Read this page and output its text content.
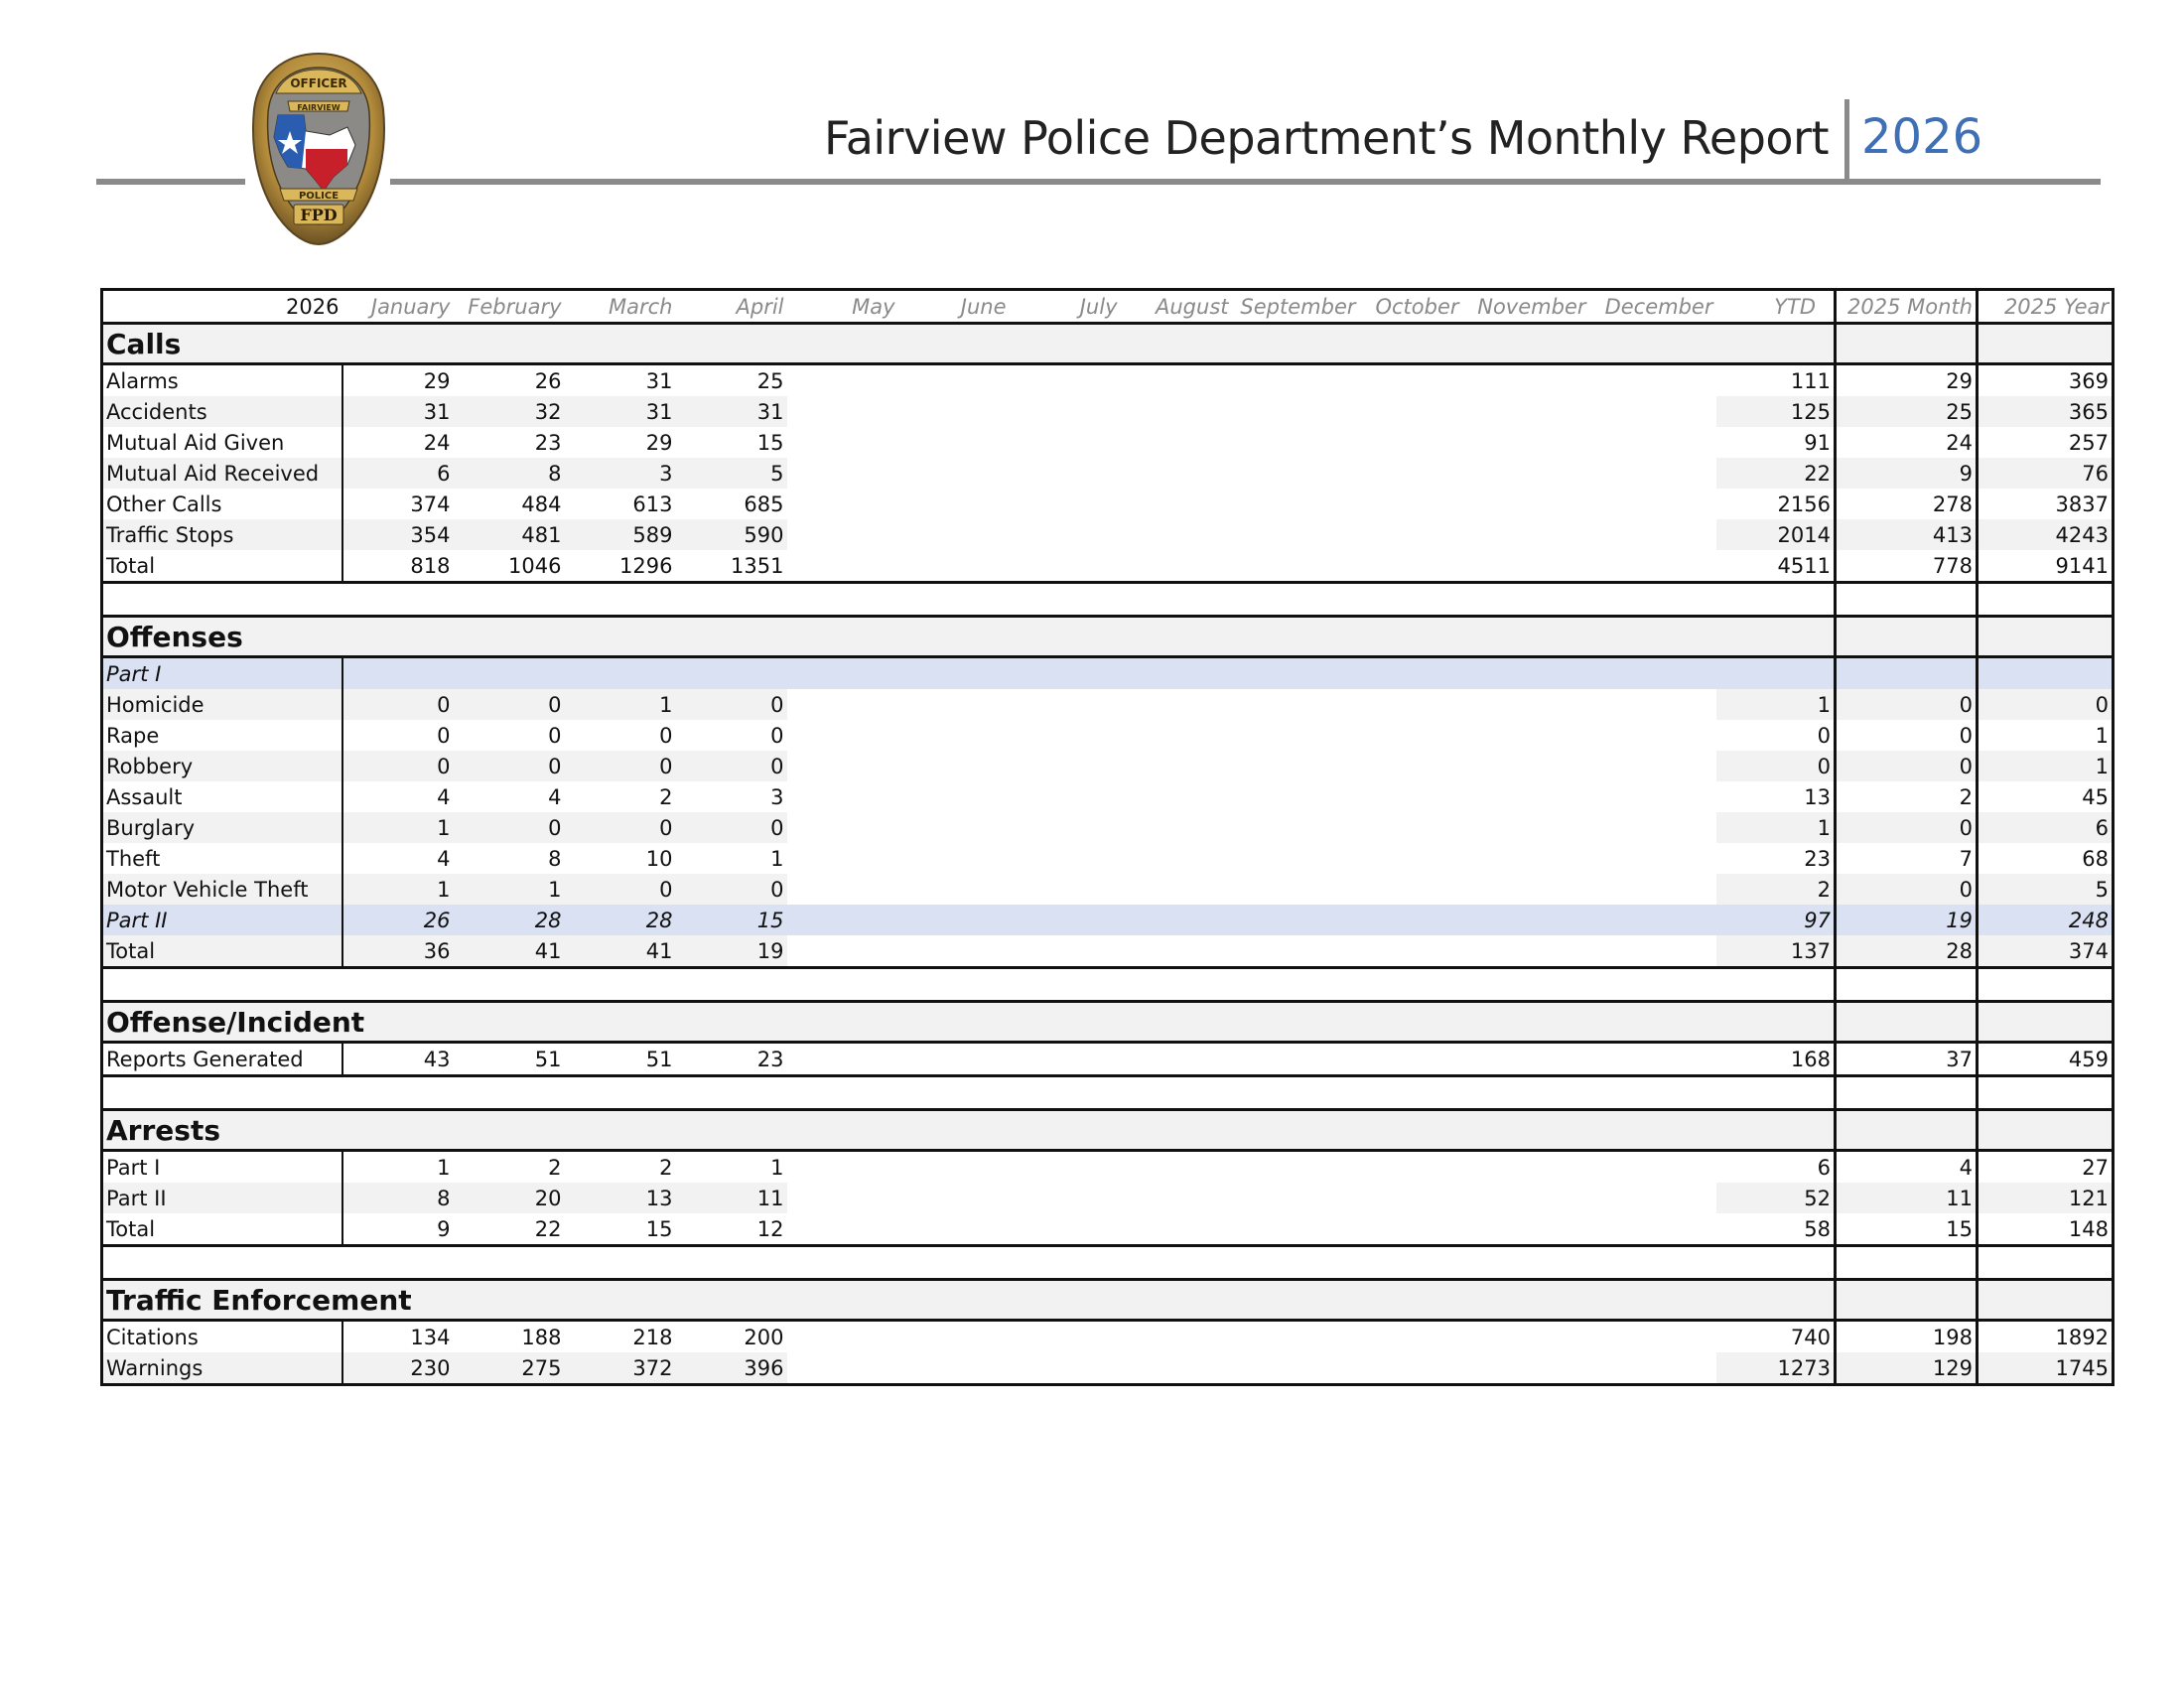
OFFICER
FAIRVIEW
POLICE
FPD
Fairview Police Department’s Monthly Report 2026
2026	January	February	March	April	May	June	July	August	September	October	November	December	YTD	2025 Month	2025 Year
Calls															
Alarms	29	26	31	25									111	29	369
Accidents	31	32	31	31									125	25	365
Mutual Aid Given	24	23	29	15									91	24	257
Mutual Aid Received	6	8	3	5									22	9	76
Other Calls	374	484	613	685									2156	278	3837
Traffic Stops	354	481	589	590									2014	413	4243
Total	818	1046	1296	1351									4511	778	9141

Offenses															
Part I															
Homicide	0	0	1	0									1	0	0
Rape	0	0	0	0									0	0	1
Robbery	0	0	0	0									0	0	1
Assault	4	4	2	3									13	2	45
Burglary	1	0	0	0									1	0	6
Theft	4	8	10	1									23	7	68
Motor Vehicle Theft	1	1	0	0									2	0	5
Part II	26	28	28	15									97	19	248
Total	36	41	41	19									137	28	374

Offense/Incident															
Reports Generated	43	51	51	23									168	37	459

Arrests															
Part I	1	2	2	1									6	4	27
Part II	8	20	13	11									52	11	121
Total	9	22	15	12									58	15	148

Traffic Enforcement															
Citations	134	188	218	200									740	198	1892
Warnings	230	275	372	396									1273	129	1745
